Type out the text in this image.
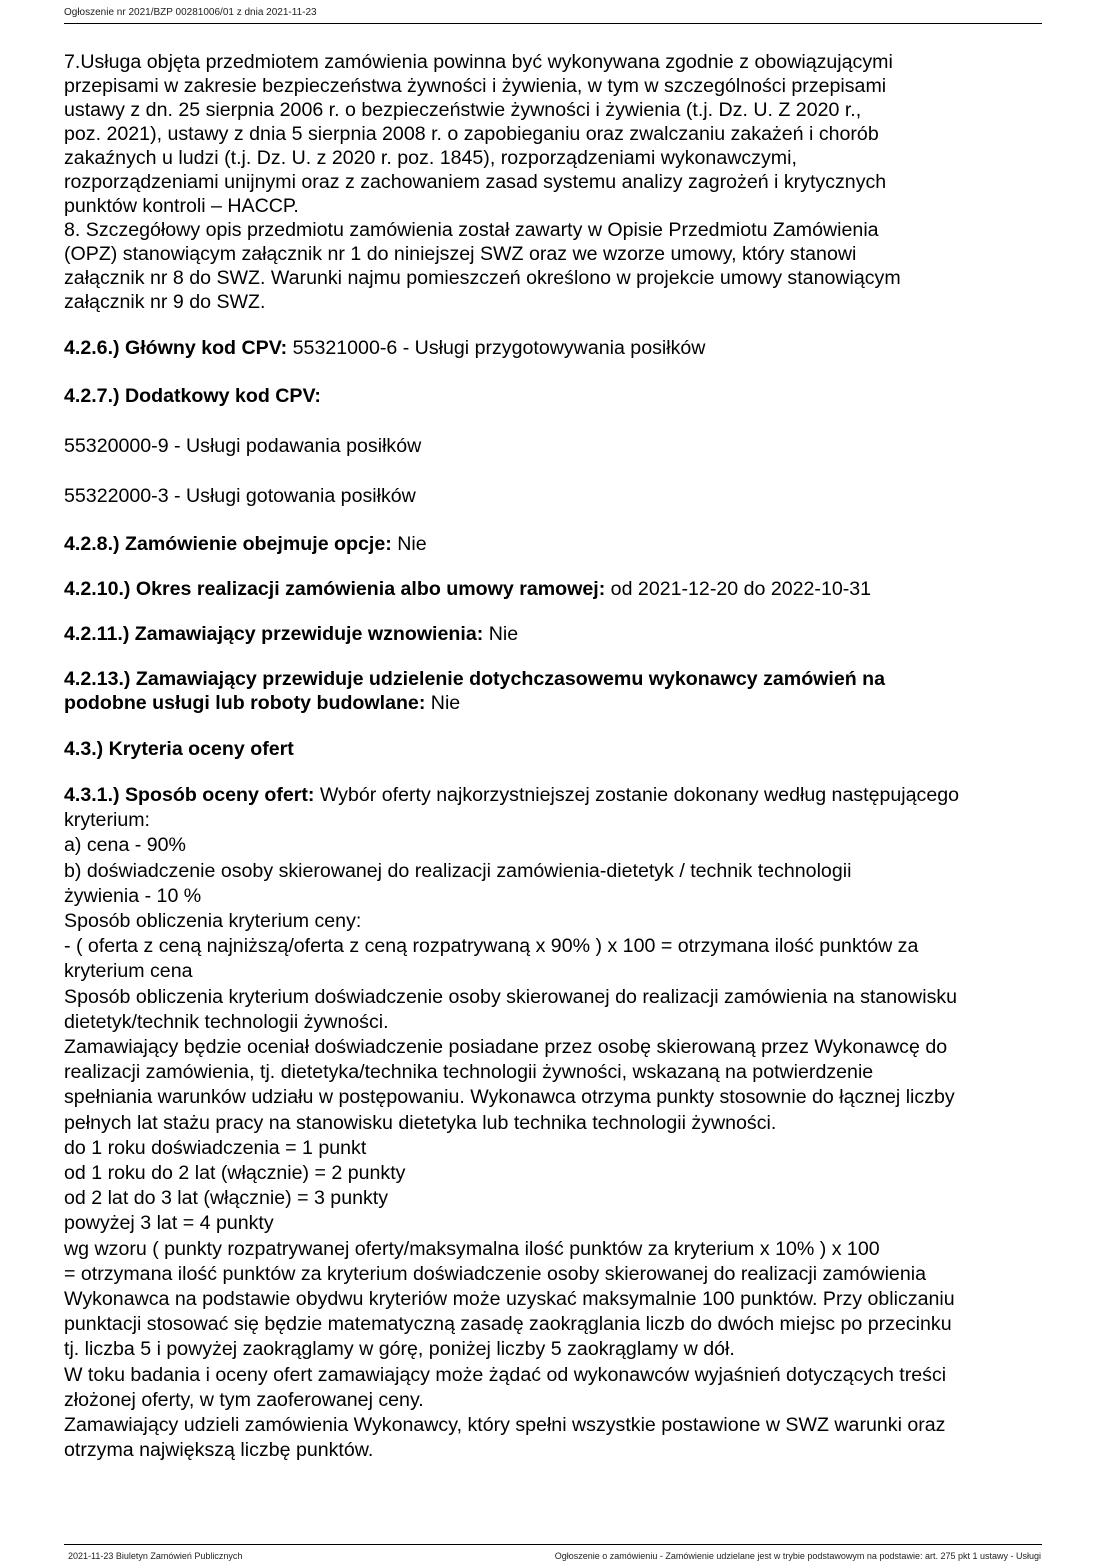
Ogłoszenie nr 2021/BZP 00281006/01 z dnia 2021-11-23

7.Usługa objęta przedmiotem zamówienia powinna być wykonywana zgodnie z obowiązującymi

przepisami w zakresie bezpieczeństwa żywności i żywienia, w tym w szczególności przepisami

ustawy z dn. 25 sierpnia 2006 r. o bezpieczeństwie żywności i żywienia (t.j. Dz. U. Z 2020 r.,

poz. 2021), ustawy z dnia 5 sierpnia 2008 r. o zapobieganiu oraz zwalczaniu zakażeń i chorób

zakaźnych u ludzi (t.j. Dz. U. z 2020 r. poz. 1845), rozporządzeniami wykonawczymi,

rozporządzeniami unijnymi oraz z zachowaniem zasad systemu analizy zagrożeń i krytycznych

punktów kontroli – HACCP.

8. Szczegółowy opis przedmiotu zamówienia został zawarty w Opisie Przedmiotu Zamówienia

(OPZ) stanowiącym załącznik nr 1 do niniejszej SWZ oraz we wzorze umowy, który stanowi

załącznik nr 8 do SWZ. Warunki najmu pomieszczeń określono w projekcie umowy stanowiącym

załącznik nr 9 do SWZ.

4.2.6.) Główny kod CPV: 55321000-6 - Usługi przygotowywania posiłków

4.2.7.) Dodatkowy kod CPV:

55320000-9 - Usługi podawania posiłków

55322000-3 - Usługi gotowania posiłków

4.2.8.) Zamówienie obejmuje opcje: Nie

4.2.10.) Okres realizacji zamówienia albo umowy ramowej: od 2021-12-20 do 2022-10-31

4.2.11.) Zamawiający przewiduje wznowienia: Nie

4.2.13.) Zamawiający przewiduje udzielenie dotychczasowemu wykonawcy zamówień na

podobne usługi lub roboty budowlane: Nie

4.3.) Kryteria oceny ofert

4.3.1.) Sposób oceny ofert: Wybór oferty najkorzystniejszej zostanie dokonany według następującego

kryterium:

a) cena - 90%

b) doświadczenie osoby skierowanej do realizacji zamówienia-dietetyk / technik technologii

żywienia - 10 %

Sposób obliczenia kryterium ceny:

- ( oferta z ceną najniższą/oferta z ceną rozpatrywaną x 90% ) x 100 = otrzymana ilość punktów za

kryterium cena

Sposób obliczenia kryterium doświadczenie osoby skierowanej do realizacji zamówienia na stanowisku

dietetyk/technik technologii żywności.

Zamawiający będzie oceniał doświadczenie posiadane przez osobę skierowaną przez Wykonawcę do

realizacji zamówienia, tj. dietetyka/technika technologii żywności, wskazaną na potwierdzenie

spełniania warunków udziału w postępowaniu. Wykonawca otrzyma punkty stosownie do łącznej liczby

pełnych lat stażu pracy na stanowisku dietetyka lub technika technologii żywności.

do 1 roku doświadczenia = 1 punkt

od 1 roku do 2 lat (włącznie) = 2 punkty

od 2 lat do 3 lat (włącznie) = 3 punkty

powyżej 3 lat = 4 punkty

wg wzoru ( punkty rozpatrywanej oferty/maksymalna ilość punktów za kryterium x 10% ) x 100

= otrzymana ilość punktów za kryterium doświadczenie osoby skierowanej do realizacji zamówienia

Wykonawca na podstawie obydwu kryteriów może uzyskać maksymalnie 100 punktów. Przy obliczaniu

punktacji stosować się będzie matematyczną zasadę zaokrąglania liczb do dwóch miejsc po przecinku

tj. liczba 5 i powyżej zaokrąglamy w górę, poniżej liczby 5 zaokrąglamy w dół.

W toku badania i oceny ofert zamawiający może żądać od wykonawców wyjaśnień dotyczących treści

złożonej oferty, w tym zaoferowanej ceny.

Zamawiający udzieli zamówienia Wykonawcy, który spełni wszystkie postawione w SWZ warunki oraz

otrzyma największą liczbę punktów.

2021-11-23 Biuletyn Zamówień Publicznych	Ogłoszenie o zamówieniu - Zamówienie udzielane jest w trybie podstawowym na podstawie: art. 275 pkt 1 ustawy - Usługi
